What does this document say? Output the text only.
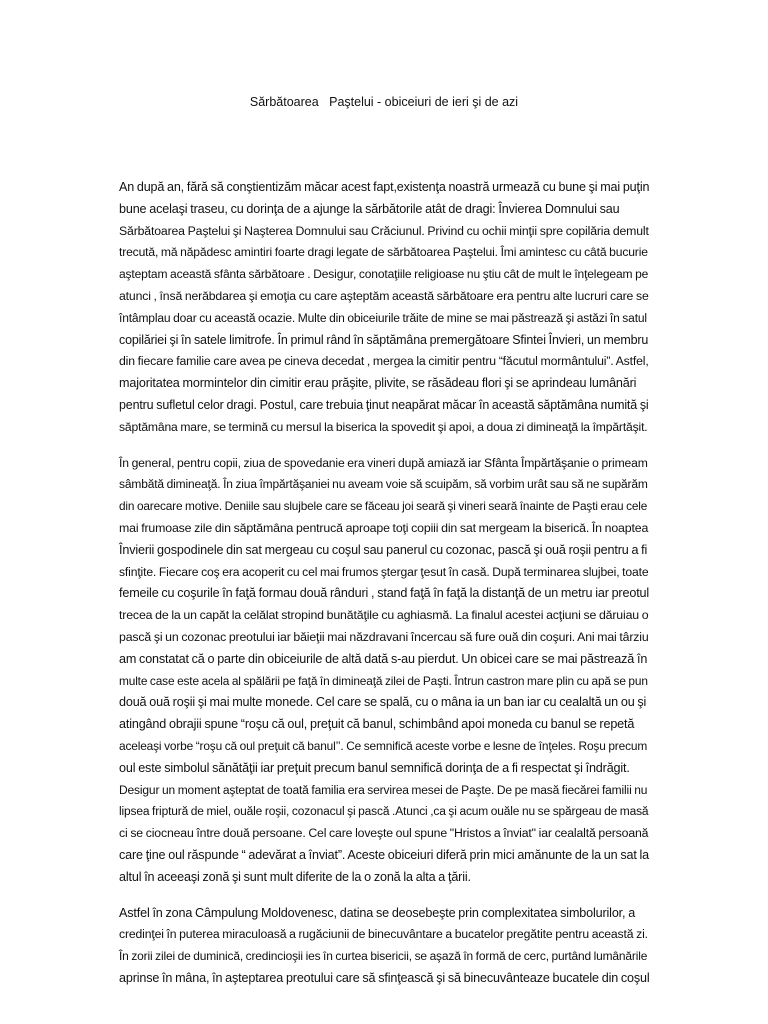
Sărbătoarea   Paştelui - obiceiuri de ieri şi de azi

An după an, fără să conştientizăm măcar acest fapt,existenţa noastră urmează cu bune şi mai puţin
bune acelaşi traseu, cu dorinţa de a ajunge la sărbătorile atât de dragi: Învierea Domnului sau
Sărbătoarea Paştelui şi Naşterea Domnului sau Crăciunul. Privind cu ochii minţii spre copilăria demult
trecută, mă năpădesc amintiri foarte dragi legate de sărbătoarea Paştelui. Îmi amintesc cu câtă bucurie
aşteptam această sfânta sărbătoare . Desigur, conotaţiile religioase nu ştiu cât de mult le înţelegeam pe
atunci , însă nerăbdarea şi emoţia cu care aşteptăm această sărbătoare era pentru alte lucruri care se
întâmplau doar cu această ocazie. Multe din obiceiurile trăite de mine se mai păstrează şi astăzi în satul
copilăriei şi în satele limitrofe. În primul rând în săptămâna premergătoare Sfintei Învieri, un membru
din fiecare familie care avea pe cineva decedat , mergea la cimitir pentru “făcutul mormântului”. Astfel,
majoritatea mormintelor din cimitir erau prăşite, plivite, se răsădeau flori şi se aprindeau lumânări
pentru sufletul celor dragi. Postul, care trebuia ţinut neapărat măcar în această săptămâna numită şi
săptămâna mare, se termină cu mersul la biserica la spovedit şi apoi, a doua zi dimineaţă la împărtăşit.

În general, pentru copii, ziua de spovedanie era vineri după amiază iar Sfânta Împărtăşanie o primeam
sâmbătă dimineaţă. În ziua împărtăşaniei nu aveam voie să scuipăm, să vorbim urât sau să ne supărăm
din oarecare motive. Deniile sau slujbele care se făceau joi seară şi vineri seară înainte de Paşti erau cele
mai frumoase zile din săptămâna pentrucă aproape toţi copiii din sat mergeam la biserică. În noaptea
Învierii gospodinele din sat mergeau cu coşul sau panerul cu cozonac, pască şi ouă roşii pentru a fi
sfinţite. Fiecare coş era acoperit cu cel mai frumos ştergar ţesut în casă. După terminarea slujbei, toate
femeile cu coşurile în faţă formau două rânduri , stand faţă în faţă la distanţă de un metru iar preotul
trecea de la un capăt la celălat stropind bunătăţile cu aghiasmă. La finalul acestei acţiuni se dăruiau o
pască şi un cozonac preotului iar băieţii mai năzdravani încercau să fure ouă din coşuri. Ani mai târziu
am constatat că o parte din obiceiurile de altă dată s-au pierdut. Un obicei care se mai păstrează în
multe case este acela al spălării pe faţă în dimineaţă zilei de Paşti. Întrun castron mare plin cu apă se pun
două ouă roşii şi mai multe monede. Cel care se spală, cu o mâna ia un ban iar cu cealaltă un ou şi
atingând obrajii spune “roşu că oul, preţuit că banul, schimbând apoi moneda cu banul se repetă
aceleaşi vorbe “roşu că oul preţuit că banul’’. Ce semnifică aceste vorbe e lesne de înţeles. Roşu precum
oul este simbolul sănătăţii iar preţuit precum banul semnifică dorinţa de a fi respectat şi îndrăgit.
Desigur un moment aşteptat de toată familia era servirea mesei de Paşte. De pe masă fiecărei familii nu
lipsea friptură de miel, ouăle roşii, cozonacul şi pască .Atunci ,ca şi acum ouăle nu se spărgeau de masă
ci se ciocneau între două persoane. Cel care loveşte oul spune "Hristos a înviat" iar cealaltă persoană
care ţine oul răspunde “ adevărat a înviat”. Aceste obiceiuri diferă prin mici amănunte de la un sat la
altul în aceeaşi zonă şi sunt mult diferite de la o zonă la alta a ţării.

Astfel în zona Câmpulung Moldovenesc, datina se deosebeşte prin complexitatea simbolurilor, a
credinţei în puterea miraculoasă a rugăciunii de binecuvântare a bucatelor pregătite pentru această zi.
În zorii zilei de duminică, credincioşii ies în curtea bisericii, se aşază în formă de cerc, purtând lumânările
aprinse în mâna, în aşteptarea preotului care să sfinţească şi să binecuvânteaze bucatele din coşul
